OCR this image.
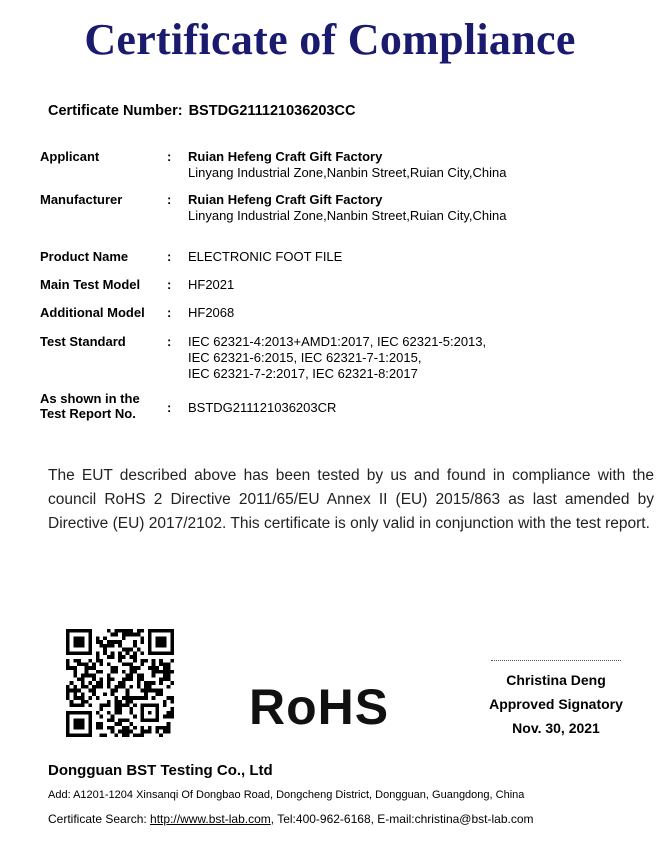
Certificate of Compliance
Certificate Number: BSTDG211121036203CC
Applicant	: Ruian Hefeng Craft Gift Factory
Linyang Industrial Zone,Nanbin Street,Ruian City,China
Manufacturer	: Ruian Hefeng Craft Gift Factory
Linyang Industrial Zone,Nanbin Street,Ruian City,China
Product Name	: ELECTRONIC FOOT FILE
Main Test Model	: HF2021
Additional Model	: HF2068
Test Standard	: IEC 62321-4:2013+AMD1:2017, IEC 62321-5:2013,
IEC 62321-6:2015, IEC 62321-7-1:2015,
IEC 62321-7-2:2017, IEC 62321-8:2017
As shown in the
Test Report No.	: BSTDG211121036203CR
The EUT described above has been tested by us and found in compliance with the council RoHS 2 Directive 2011/65/EU Annex II (EU) 2015/863 as last amended by Directive (EU) 2017/2102. This certificate is only valid in conjunction with the test report.
RoHS	Christina Deng
Approved Signatory
Nov. 30, 2021
Dongguan BST Testing Co., Ltd
Add: A1201-1204 Xinsanqi Of Dongbao Road, Dongcheng District, Dongguan, Guangdong, China
Certificate Search: http://www.bst-lab.com, Tel:400-962-6168, E-mail:christina@bst-lab.com
